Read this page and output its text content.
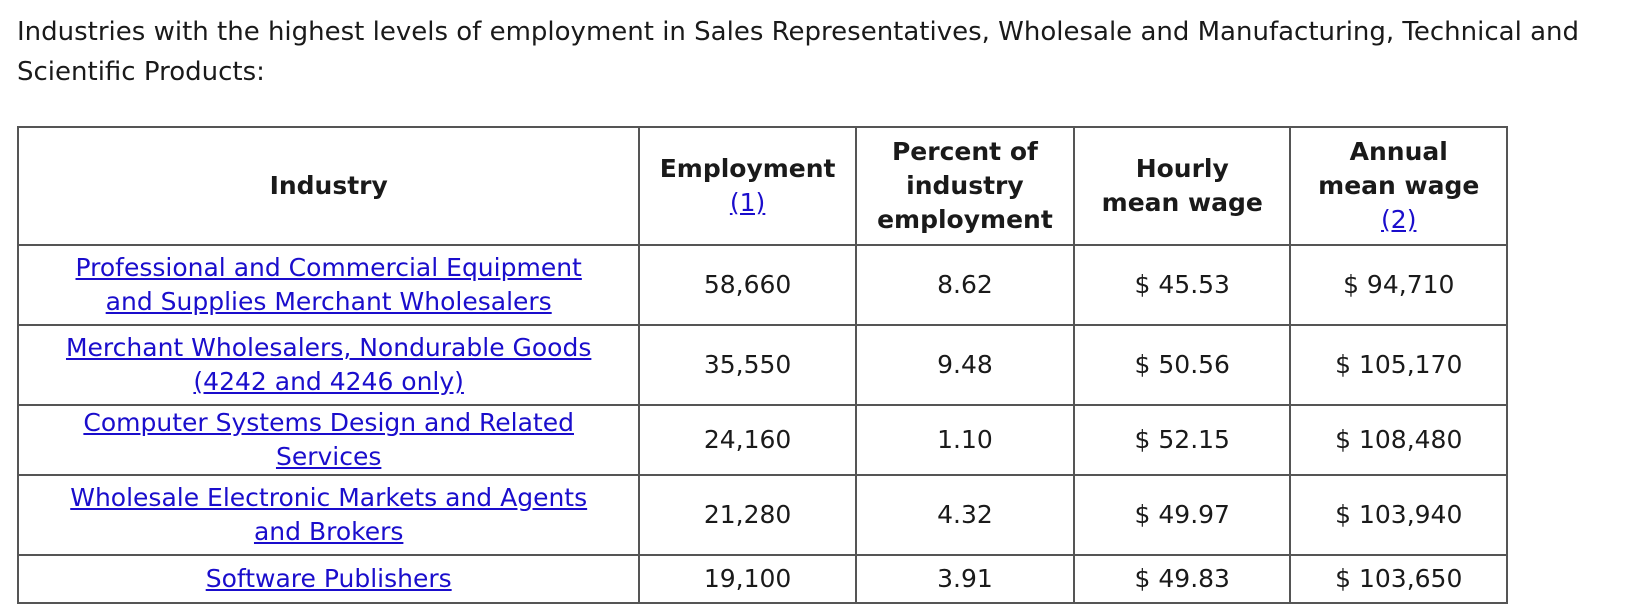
Industries with the highest levels of employment in Sales Representatives, Wholesale and Manufacturing, Technical and Scientific Products:

Industry	Employment (1)	Percent of industry employment	Hourly mean wage	Annual mean wage (2)
Professional and Commercial Equipment and Supplies Merchant Wholesalers	58,660	8.62	$ 45.53	$ 94,710
Merchant Wholesalers, Nondurable Goods (4242 and 4246 only)	35,550	9.48	$ 50.56	$ 105,170
Computer Systems Design and Related Services	24,160	1.10	$ 52.15	$ 108,480
Wholesale Electronic Markets and Agents and Brokers	21,280	4.32	$ 49.97	$ 103,940
Software Publishers	19,100	3.91	$ 49.83	$ 103,650
